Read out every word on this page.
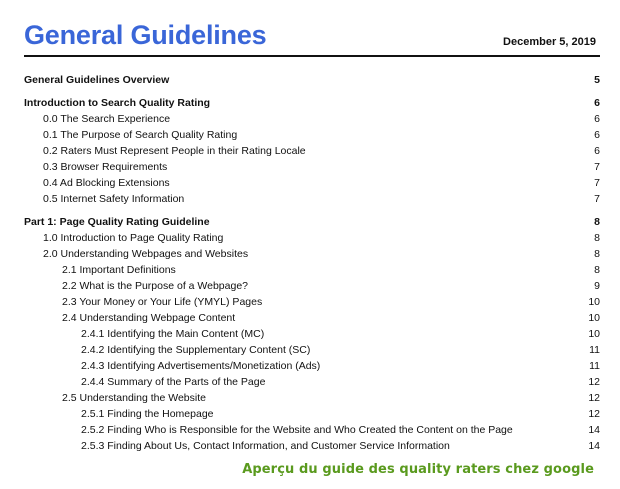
General Guidelines	December 5, 2019
General Guidelines Overview	5
Introduction to Search Quality Rating	6
0.0 The Search Experience	6
0.1 The Purpose of Search Quality Rating	6
0.2 Raters Must Represent People in their Rating Locale	6
0.3 Browser Requirements	7
0.4 Ad Blocking Extensions	7
0.5 Internet Safety Information	7
Part 1: Page Quality Rating Guideline	8
1.0 Introduction to Page Quality Rating	8
2.0 Understanding Webpages and Websites	8
2.1 Important Definitions	8
2.2 What is the Purpose of a Webpage?	9
2.3 Your Money or Your Life (YMYL) Pages	10
2.4 Understanding Webpage Content	10
2.4.1 Identifying the Main Content (MC)	10
2.4.2 Identifying the Supplementary Content (SC)	11
2.4.3 Identifying Advertisements/Monetization (Ads)	11
2.4.4 Summary of the Parts of the Page	12
2.5 Understanding the Website	12
2.5.1 Finding the Homepage	12
2.5.2 Finding Who is Responsible for the Website and Who Created the Content on the Page	14
2.5.3 Finding About Us, Contact Information, and Customer Service Information	14
Aperçu du guide des quality raters chez google
